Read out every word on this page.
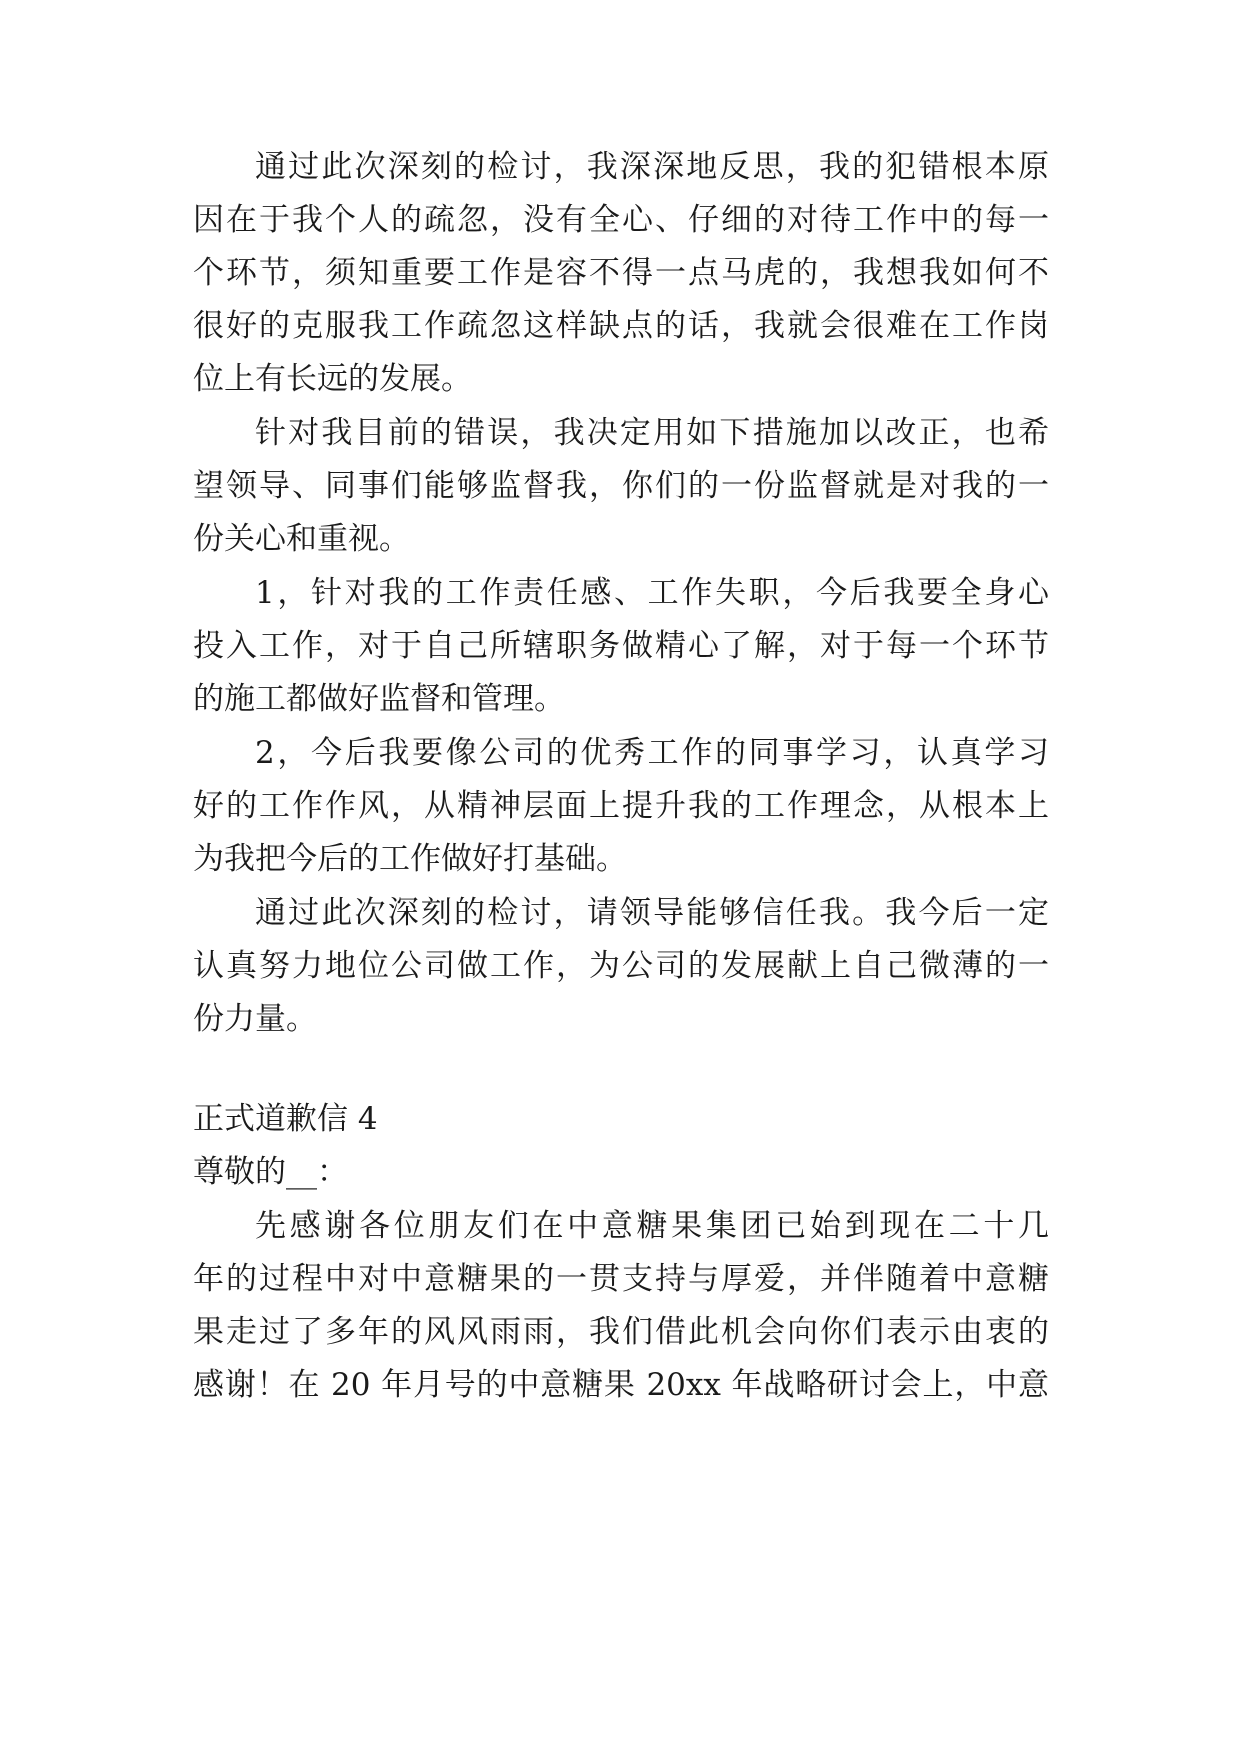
通过此次深刻的检讨，我深深地反思，我的犯错根本原
因在于我个人的疏忽，没有全心、仔细的对待工作中的每一
个环节，须知重要工作是容不得一点马虎的，我想我如何不
很好的克服我工作疏忽这样缺点的话，我就会很难在工作岗
位上有长远的发展。
针对我目前的错误，我决定用如下措施加以改正，也希
望领导、同事们能够监督我，你们的一份监督就是对我的一
份关心和重视。
1，针对我的工作责任感、工作失职，今后我要全身心
投入工作，对于自己所辖职务做精心了解，对于每一个环节
的施工都做好监督和管理。
2，今后我要像公司的优秀工作的同事学习，认真学习
好的工作作风，从精神层面上提升我的工作理念，从根本上
为我把今后的工作做好打基础。
通过此次深刻的检讨，请领导能够信任我。我今后一定
认真努力地位公司做工作，为公司的发展献上自己微薄的一
份力量。
正式道歉信 4
尊敬的__：
先感谢各位朋友们在中意糖果集团已始到现在二十几
年的过程中对中意糖果的一贯支持与厚爱，并伴随着中意糖
果走过了多年的风风雨雨，我们借此机会向你们表示由衷的
感谢！在 20 年月号的中意糖果 20xx 年战略研讨会上，中意
